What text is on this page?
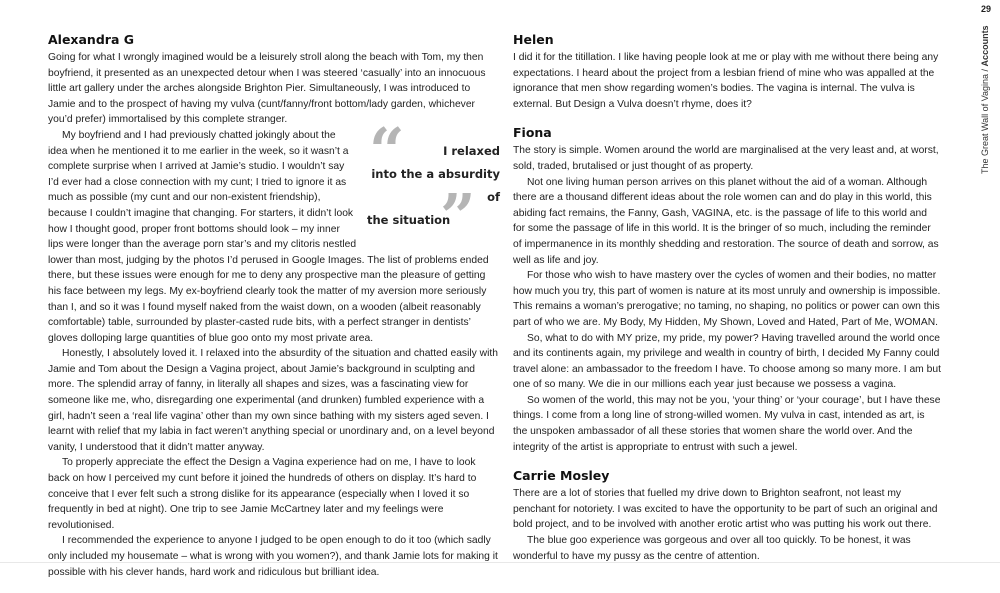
29
The Great Wall of Vagina / Accounts
Alexandra G

Going for what I wrongly imagined would be a leisurely stroll along the beach with Tom, my then boyfriend, it presented as an unexpected detour when I was steered ‘casually’ into an innocuous little art gallery under the arches alongside Brighton Pier. Simultaneously, I was introduced to Jamie and to the prospect of having my vulva (cunt/fanny/front bottom/lady garden, whichever you’d prefer) immortalised by this complete stranger.	“	I relaxed
into the a absurdity of
the situation
”

My boyfriend and I had previously chatted jokingly about the idea when he mentioned it to me earlier in the week, so it wasn’t a complete surprise when I arrived at Jamie’s studio. I wouldn’t say I’d ever had a close connection with my cunt; I tried to ignore it as much as possible (my cunt and our non-existent friendship), because I couldn’t imagine that changing. For starters, it didn’t look how I thought good, proper front bottoms should look – my inner lips were longer than the average porn star’s and my clitoris nestled lower than most, judging by the photos I’d perused in Google Images. The list of problems ended there, but these issues were enough for me to deny any prospective man the pleasure of getting his face between my legs. My ex-boyfriend clearly took the matter of my aversion more seriously than I, and so it was I found myself naked from the waist down, on a wooden (albeit reasonably comfortable) table, surrounded by plaster-casted rude bits, with a perfect stranger in dentists’ gloves dolloping large quantities of blue goo onto my most private area.

Honestly, I absolutely loved it. I relaxed into the absurdity of the situation and chatted easily with Jamie and Tom about the Design a Vagina project, about Jamie’s background in sculpting and more. The splendid array of fanny, in literally all shapes and sizes, was a fascinating view for someone like me, who, disregarding one experimental (and drunken) fumbled experience with a girl, hadn’t seen a ‘real life vagina’ other than my own since bathing with my sisters aged seven. I learnt with relief that my labia in fact weren’t anything special or unordinary and, on a level beyond vanity, I understood that it didn’t matter anyway.

To properly appreciate the effect the Design a Vagina experience had on me, I have to look back on how I perceived my cunt before it joined the hundreds of others on display. It’s hard to conceive that I ever felt such a strong dislike for its appearance (especially when I loved it so frequently in bed at night). One trip to see Jamie McCartney later and my feelings were revolutionised.

I recommended the experience to anyone I judged to be open enough to do it too (which sadly only included my housemate – what is wrong with you women?), and thank Jamie lots for making it possible with his clever hands, hard work and ridiculous but brilliant idea.

Helen

I did it for the titillation. I like having people look at me or play with me without there being any expectations. I heard about the project from a lesbian friend of mine who was appalled at the ignorance that men show regarding women’s bodies. The vagina is internal. The vulva is external. But Design a Vulva doesn’t rhyme, does it?

Fiona

The story is simple. Women around the world are marginalised at the very least and, at worst, sold, traded, brutalised or just thought of as property.

Not one living human person arrives on this planet without the aid of a woman. Although there are a thousand different ideas about the role women can and do play in this world, this abiding fact remains, the Fanny, Gash, VAGINA, etc. is the passage of life to this world and for some the passage of life in this world. It is the bringer of so much, including the reminder of impermanence in its monthly shedding and restoration. The source of death and sorrow, as well as life and joy.

For those who wish to have mastery over the cycles of women and their bodies, no matter how much you try, this part of women is nature at its most unruly and ownership is impossible. This remains a woman’s prerogative; no taming, no shaping, no politics or power can own this part of who we are. My Body, My Hidden, My Shown, Loved and Hated, Part of Me, WOMAN.

So, what to do with MY prize, my pride, my power? Having travelled around the world once and its continents again, my privilege and wealth in country of birth, I decided My Fanny could travel alone: an ambassador to the freedom I have. To choose among so many more. I am but one of so many. We die in our millions each year just because we possess a vagina.

So women of the world, this may not be you, ‘your thing’ or ‘your courage’, but I have these things. I come from a long line of strong-willed women. My vulva in cast, intended as art, is the unspoken ambassador of all these stories that women share the world over. And the integrity of the artist is appropriate to entrust with such a jewel.

Carrie Mosley

There are a lot of stories that fuelled my drive down to Brighton seafront, not least my penchant for notoriety. I was excited to have the opportunity to be part of such an original and bold project, and to be involved with another erotic artist who was putting his work out there.

The blue goo experience was gorgeous and over all too quickly. To be honest, it was wonderful to have my pussy as the centre of attention.
